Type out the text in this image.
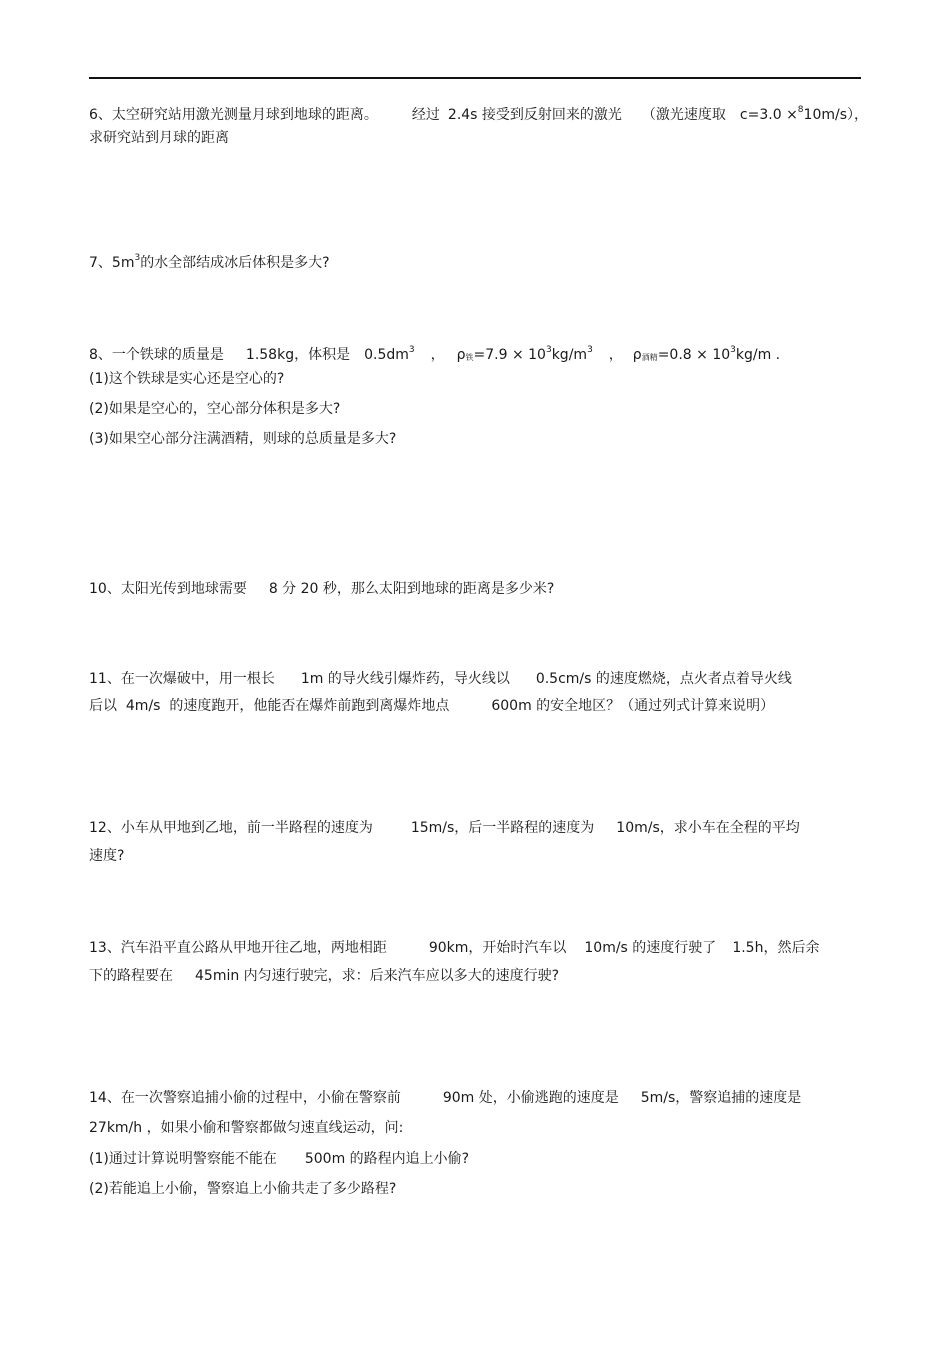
6、太空研究站用激光测量月球到地球的距离。 经过 2.4s 接受到反射回来的激光 （激光速度取 c=3.0 ×$^8$10m/s），
求研究站到月球的距离
7、$5m^3$的水全部结成冰后体积是多大?
8、一个铁球的质量是 1.58kg，体积是 $0.5dm^3$ ， ρ铁$=7.9 \times 10^3kg/m^3$ ， ρ酒精$=0.8 \times 10^3kg/m$ .
(1)这个铁球是实心还是空心的?
(2)如果是空心的，空心部分体积是多大?
(3)如果空心部分注满酒精，则球的总质量是多大?
10、太阳光传到地球需要 8 分 20 秒，那么太阳到地球的距离是多少米?
11、在一次爆破中，用一根长 1m 的导火线引爆炸药，导火线以 0.5cm/s 的速度燃烧，点火者点着导火线
后以  4m/s  的速度跑开，他能否在爆炸前跑到离爆炸地点	600m 的安全地区？（通过列式计算来说明）
12、小车从甲地到乙地，前一半路程的速度为	15m/s，后一半路程的速度为 10m/s，求小车在全程的平均
速度?
13、汽车沿平直公路从甲地开往乙地，两地相距	90km，开始时汽车以 10m/s 的速度行驶了 1.5h，然后余
下的路程要在 45min 内匀速行驶完，求：后来汽车应以多大的速度行驶?
14、在一次警察追捕小偷的过程中，小偷在警察前	90m 处，小偷逃跑的速度是 5m/s，警察追捕的速度是
27km/h ，如果小偷和警察都做匀速直线运动，问:
(1)通过计算说明警察能不能在 500m 的路程内追上小偷?
(2)若能追上小偷，警察追上小偷共走了多少路程?
